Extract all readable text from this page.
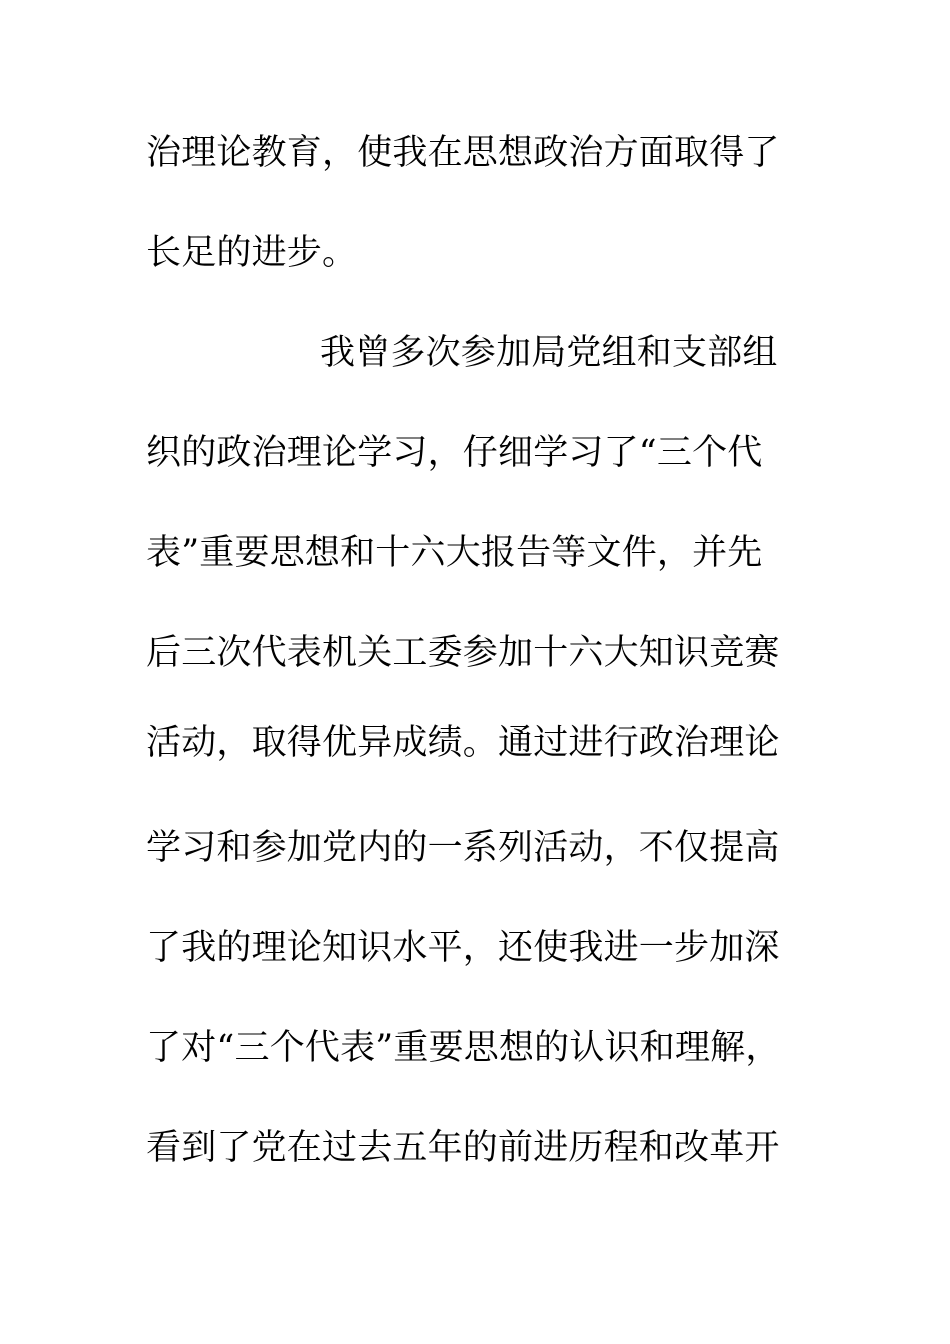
治理论教育，使我在思想政治方面取得了
长足的进步。
我曾多次参加局党组和支部组
织的政治理论学习，仔细学习了“三个代
表”重要思想和十六大报告等文件，并先
后三次代表机关工委参加十六大知识竞赛
活动，取得优异成绩。通过进行政治理论
学习和参加党内的一系列活动，不仅提高
了我的理论知识水平，还使我进一步加深
了对“三个代表”重要思想的认识和理解，
看到了党在过去五年的前进历程和改革开
